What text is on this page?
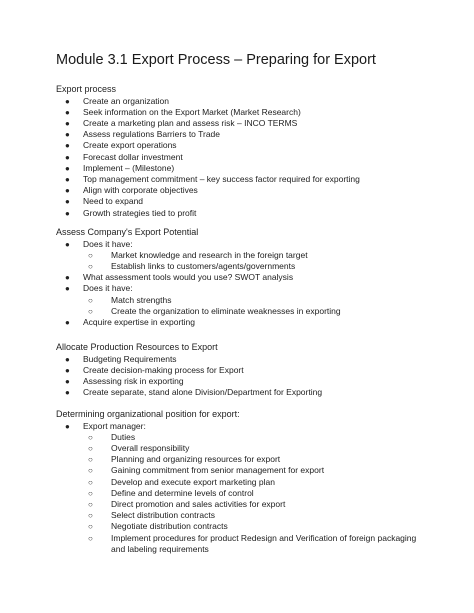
Module 3.1 Export Process – Preparing for Export
Export process
● Create an organization
● Seek information on the Export Market (Market Research)
● Create a marketing plan and assess risk – INCO TERMS
● Assess regulations Barriers to Trade
● Create export operations
● Forecast dollar investment
● Implement – (Milestone)
● Top management commitment – key success factor required for exporting
● Align with corporate objectives
● Need to expand
● Growth strategies tied to profit
Assess Company's Export Potential
● Does it have:
○ Market knowledge and research in the foreign target
○ Establish links to customers/agents/governments
● What assessment tools would you use? SWOT analysis
● Does it have:
○ Match strengths
○ Create the organization to eliminate weaknesses in exporting
● Acquire expertise in exporting
Allocate Production Resources to Export
● Budgeting Requirements
● Create decision-making process for Export
● Assessing risk in exporting
● Create separate, stand alone Division/Department for Exporting
Determining organizational position for export:
● Export manager:
○ Duties
○ Overall responsibility
○ Planning and organizing resources for export
○ Gaining commitment from senior management for export
○ Develop and execute export marketing plan
○ Define and determine levels of control
○ Direct promotion and sales activities for export
○ Select distribution contracts
○ Negotiate distribution contracts
○ Implement procedures for product Redesign and Verification of foreign packaging
and labeling requirements
